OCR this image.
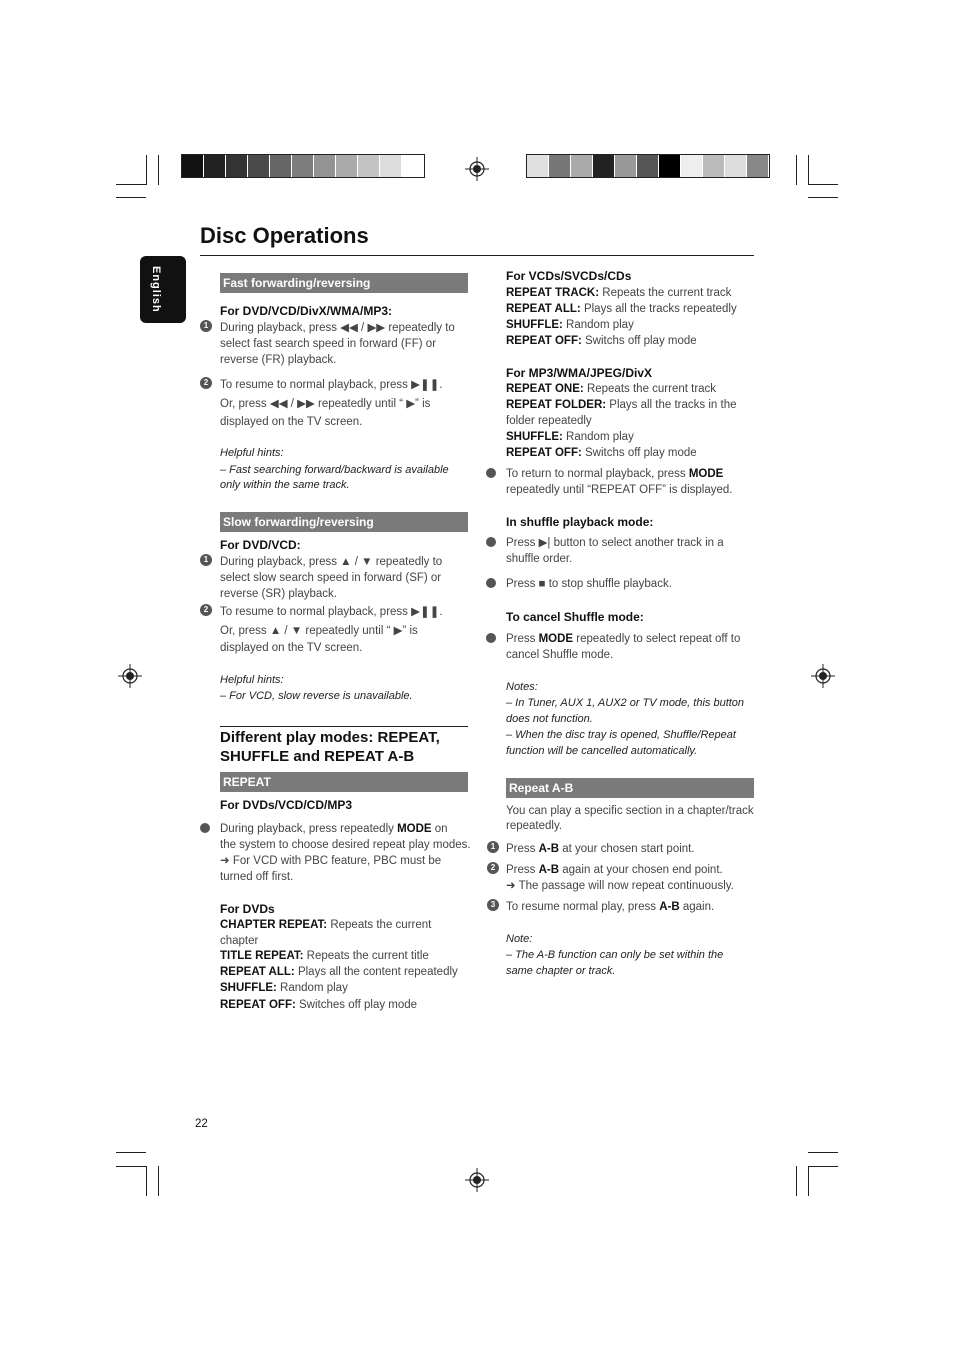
Disc Operations
English	Fast forwarding/reversing
For DVD/VCD/DivX/WMA/MP3:
1	During playback, press ◀◀ / ▶▶ repeatedly to
select fast search speed in forward (FF) or
reverse (FR) playback.
2	To resume to normal playback, press ▶❚❚.
Or, press ◀◀ / ▶▶ repeatedly until “ ▶” is
displayed on the TV screen.
Helpful hints:
– Fast searching forward/backward is available
only within the same track.
Slow forwarding/reversing
For DVD/VCD:
1	During playback, press ▲ / ▼ repeatedly to
select slow search speed in forward (SF) or
reverse (SR) playback.
2	To resume to normal playback, press ▶❚❚.
Or, press ▲ / ▼ repeatedly until “ ▶” is
displayed on the TV screen.
Helpful hints:
– For VCD, slow reverse is unavailable.
Different play modes: REPEAT,
SHUFFLE and REPEAT A-B
REPEAT
For DVDs/VCD/CD/MP3
During playback, press repeatedly MODE on
the system to choose desired repeat play modes.
➜ For VCD with PBC feature, PBC must be
turned off first.
For DVDs
CHAPTER REPEAT: Repeats the current
chapter
TITLE REPEAT: Repeats the current title
REPEAT ALL: Plays all the content repeatedly
SHUFFLE: Random play
REPEAT OFF: Switches off play mode
For VCDs/SVCDs/CDs
REPEAT TRACK: Repeats the current track
REPEAT ALL: Plays all the tracks repeatedly
SHUFFLE: Random play
REPEAT OFF: Switchs off play mode
For MP3/WMA/JPEG/DivX
REPEAT ONE: Repeats the current track
REPEAT FOLDER: Plays all the tracks in the
folder repeatedly
SHUFFLE: Random play
REPEAT OFF: Switchs off play mode
To return to normal playback, press MODE
repeatedly until “REPEAT OFF” is displayed.
In shuffle playback mode:
Press ▶| button to select another track in a
shuffle order.
Press ■ to stop shuffle playback.
To cancel Shuffle mode:
Press MODE repeatedly to select repeat off to
cancel Shuffle mode.
Notes:
– In Tuner, AUX 1, AUX2 or TV mode, this button
does not function.
– When the disc tray is opened, Shuffle/Repeat
function will be cancelled automatically.
Repeat A-B
You can play a specific section in a chapter/track
repeatedly.
1 Press A-B at your chosen start point.
2 Press A-B again at your chosen end point.
➜ The passage will now repeat continuously.
3 To resume normal play, press A-B again.
Note:
– The A-B function can only be set within the
same chapter or track.
22
